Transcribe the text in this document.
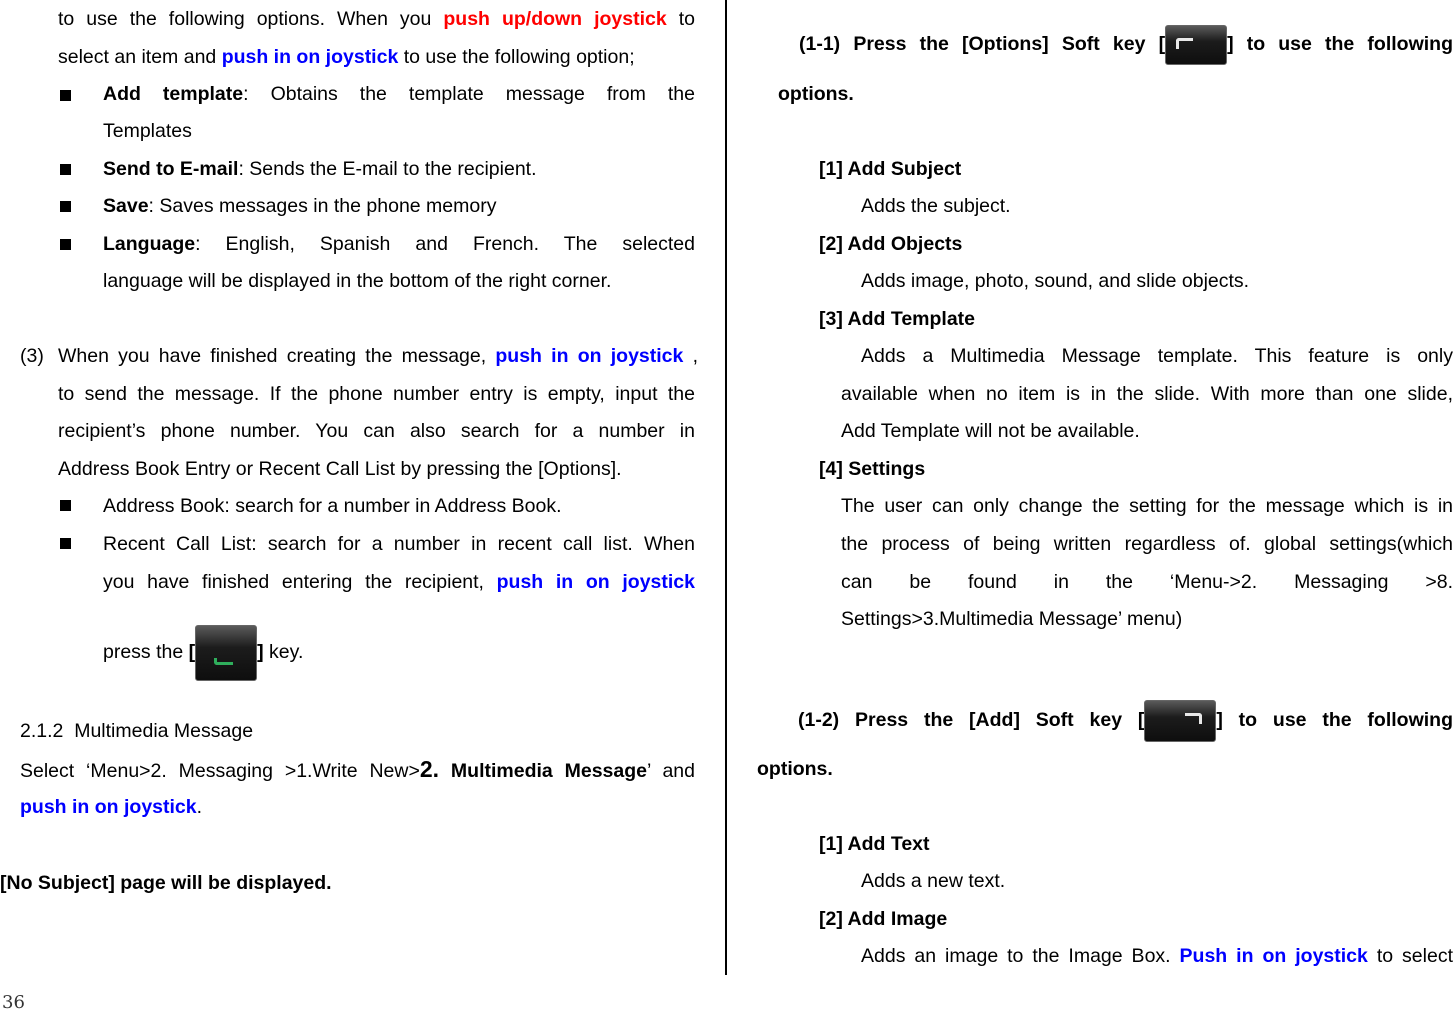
to use the following options. When you push up/down joystick to
select an item and push in on joystick to use the following option;
Add template: Obtains the template message from the
Templates
Send to E-mail: Sends the E-mail to the recipient.
Save: Saves messages in the phone memory
Language: English, Spanish and French. The selected
language will be displayed in the bottom of the right corner.
(3) When you have finished creating the message, push in on joystick ,
to send the message. If the phone number entry is empty, input the
recipient’s phone number. You can also search for a number in
Address Book Entry or Recent Call List by pressing the [Options].
Address Book: search for a number in Address Book.
Recent Call List: search for a number in recent call list. When
you have finished entering the recipient, push in on joystick
press the [	] key.
2.1.2 Multimedia Message
Select ‘Menu>2. Messaging >1.Write New>2. Multimedia Message’ and
push in on joystick.
[No Subject] page will be displayed.
(1-1) Press the [Options] Soft key [	] to use the following
options.
[1] Add Subject
Adds the subject.
[2] Add Objects
Adds image, photo, sound, and slide objects.
[3] Add Template
Adds a Multimedia Message template. This feature is only
available when no item is in the slide. With more than one slide,
Add Template will not be available.
[4] Settings
The user can only change the setting for the message which is in
the process of being written regardless of. global settings(which
can be found in the ‘Menu->2. Messaging >8.
Settings>3.Multimedia Message’ menu)
(1-2) Press the [Add] Soft key [	] to use the following
options.
[1] Add Text
Adds a new text.
[2] Add Image
Adds an image to the Image Box. Push in on joystick to select
36
